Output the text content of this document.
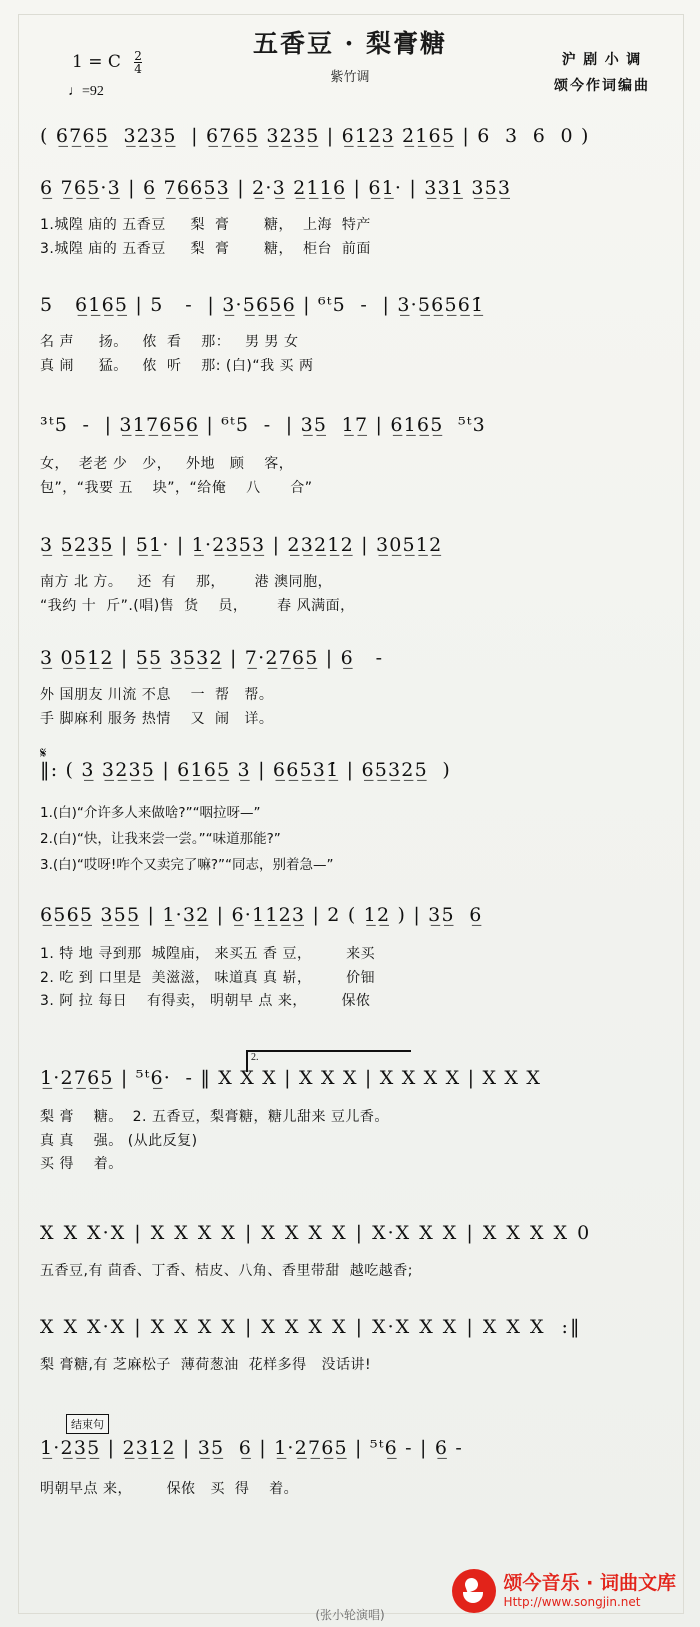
五香豆 · 梨膏糖
紫竹调
1 = C $\frac{2}{4}$
♩=92
沪 剧 小 调
颂今作词编曲
( 6̲7̲6̲5̲  3̲2̲3̲5̲  | 6̲7̲6̲5̲ 3̲2̲3̲5̲ | 6̲1̲2̲3̲ 2̲̇1̲6̲5̲ | 6  3  6  0 )
6̲ 7̲6̲5̲·3̲ | 6̲ 7̲6̲6̲5̲3̲ | 2̲·3̲ 2̲1̲1̲6̲ | 6̲1̲· | 3̲3̲1̲ 3̲5̲3̲
1.城隍 庙的 五香豆     梨  膏       糖，  上海  特产
3.城隍 庙的 五香豆     梨  膏       糖，  柜台  前面
5   6̲1̲6̲5̲ | 5   -  | 3̲·5̲6̲5̲6̲ | ⁶ᵗ5  -  | 3̲·5̲6̲5̲6̲1̲̇
名 声     扬。   侬  看    那：   男 男 女
真 闹     猛。   侬  听    那: (白)“我 买 两
³ᵗ5  -  | 3̲1̲7̲6̲5̲6̲ | ⁶ᵗ5  -  | 3̲5̲  1̲7̲ | 6̲1̲6̲5̲  ⁵ᵗ3
女，  老老 少   少，   外地   顾    客，
包”，“我要 五    块”，“给俺    八      合”
3̲ 5̲2̲3̲5̲ | 5̲1̲· | 1̲·2̲3̲5̲3̲ | 2̲3̲2̲1̲2̲ | 3̲0̲5̲1̲2̲
南方 北 方。   还  有    那，      港 澳同胞，
“我约 十  斤”.(唱)售  货    员，      春 风满面，
3̲ 0̲5̲1̲2̲ | 5̲5̲ 3̲5̲3̲2̲ | 7̲·2̲7̲6̲5̲ | 6̲   -
外 国朋友 川流 不息    一  帮   帮。
手 脚麻利 服务 热情    又  闹   详。
𝄋
‖: ( 3̲ 3̲2̲3̲5̲ | 6̲1̲6̲5̲ 3̲ | 6̲6̲5̲3̲1̲̇ | 6̲5̲3̲2̲5̲  )
1.(白)“介许多人来做啥?”“咽拉呀—”
2.(白)“快，让我来尝一尝。”“味道那能?”
3.(白)“哎呀!咋个又卖完了嘛?”“同志，别着急—”
6̲5̲6̲5̲ 3̲5̲5̲ | 1̲·3̲2̲ | 6̲·1̲1̲2̲3̲ | 2 ( 1̲2̲ ) | 3̲5̲  6̲
1. 特 地 寻到那  城隍庙， 来买五 香 豆，       来买
2. 吃 到 口里是  美滋滋， 味道真 真 崭，       价钿
3. 阿 拉 每日    有得卖， 明朝早 点 来，       保侬
2.
1̲·2̲7̲6̲5̲ | ⁵ᵗ6̲·  - ‖ X X X | X X X | X X X X | X X X
梨 膏    糖。  2. 五香豆，梨膏糖，糖儿甜来 豆儿香。
真 真    强。 (从此反复)
买 得    着。
X X X·X | X X X X | X X X X | X·X X X | X X X X 0
五香豆,有 茴香、丁香、桔皮、八角、香里带甜  越吃越香;
X X X·X | X X X X | X X X X | X·X X X | X X X  :‖
梨 膏糖,有 芝麻松子  薄荷葱油  花样多得   没话讲!
结束句
1̲·2̲3̲5̲ | 2̲3̲1̲2̲ | 3̲5̲  6̲ | 1̲·2̲7̲6̲5̲ | ⁵ᵗ6̲ - | 6̲ -
明朝早点 来，       保侬   买  得    着。
颂今音乐 · 词曲文库
Http://www.songjin.net
(张小轮演唱)
